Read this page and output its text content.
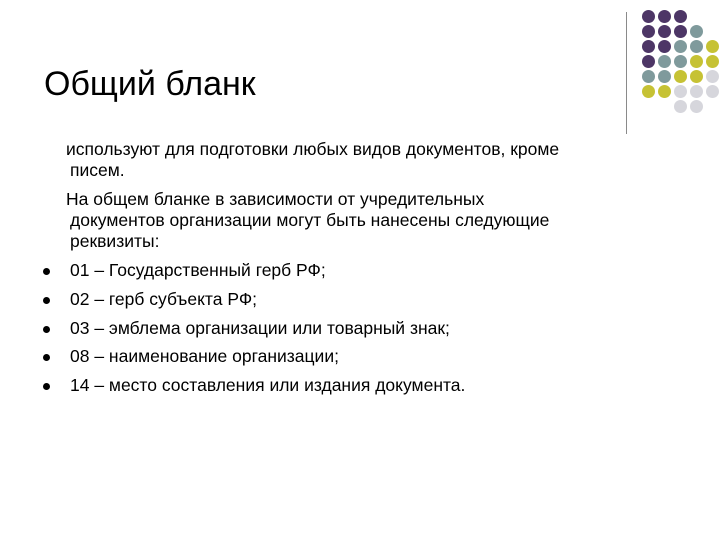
Общий бланк
используют для подготовки любых видов документов, кроме
писем.
На общем бланке в зависимости от учредительных
документов организации могут быть нанесены следующие
реквизиты:
01 – Государственный герб РФ;
02 – герб субъекта РФ;
03 – эмблема организации или товарный знак;
08 – наименование организации;
14 – место составления или издания документа.
